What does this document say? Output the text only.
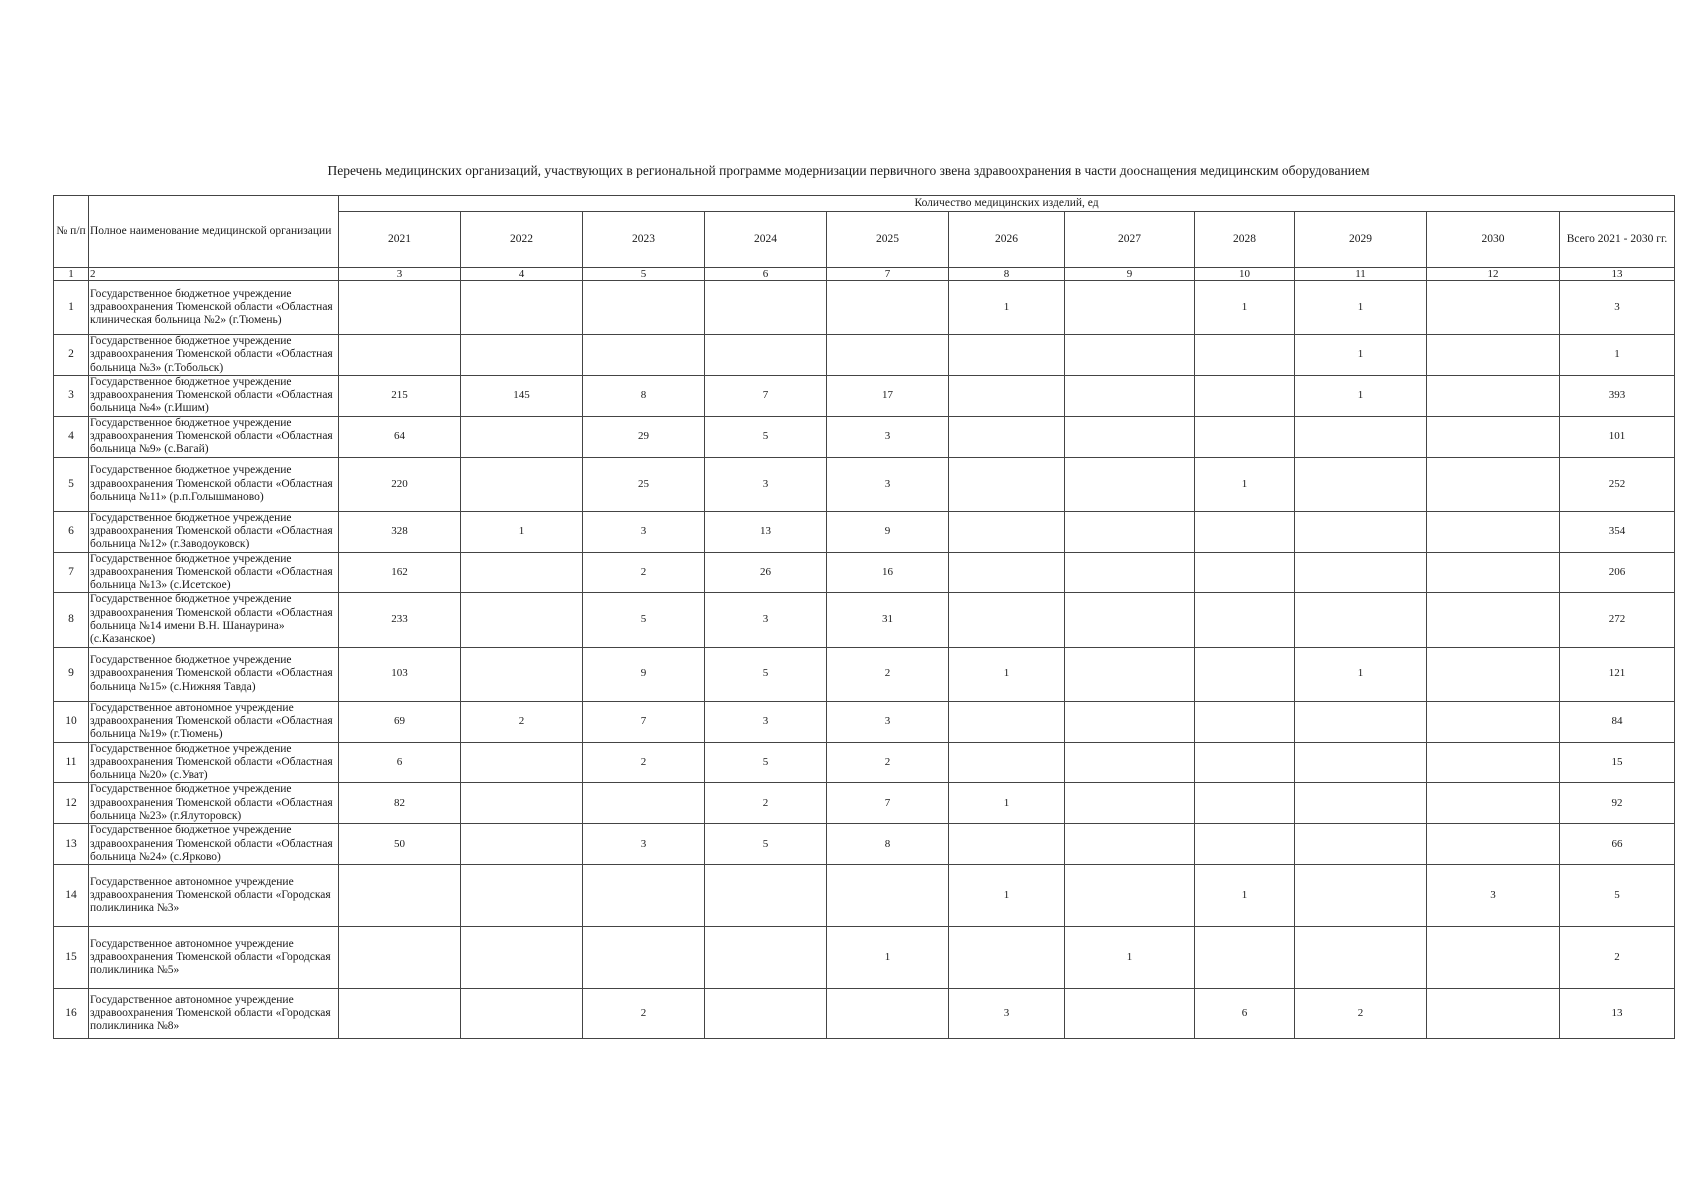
Перечень медицинских организаций, участвующих в региональной программе модернизации первичного звена здравоохранения в части дооснащения медицинским оборудованием
№ п/п	Полное наименование медицинской организации	Количество медицинских изделий, ед										
		2021	2022	2023	2024	2025	2026	2027	2028	2029	2030	Всего 2021 - 2030 гг.
1	2	3	4	5	6	7	8	9	10	11	12	13
1	Государственное бюджетное учреждение здравоохранения Тюменской области «Областная клиническая больница №2» (г.Тюмень)						1		1	1		3
2	Государственное бюджетное учреждение здравоохранения Тюменской области «Областная больница №3» (г.Тобольск)									1		1
3	Государственное бюджетное учреждение здравоохранения Тюменской области «Областная больница №4» (г.Ишим)	215	145	8	7	17				1		393
4	Государственное бюджетное учреждение здравоохранения Тюменской области «Областная больница №9» (с.Вагай)	64		29	5	3						101
5	Государственное бюджетное учреждение здравоохранения Тюменской области «Областная больница №11» (р.п.Голышманово)	220		25	3	3			1			252
6	Государственное бюджетное учреждение здравоохранения Тюменской области «Областная больница №12» (г.Заводоуковск)	328	1	3	13	9						354
7	Государственное бюджетное учреждение здравоохранения Тюменской области «Областная больница №13» (с.Исетское)	162		2	26	16						206
8	Государственное бюджетное учреждение здравоохранения Тюменской области «Областная больница №14 имени В.Н. Шанаурина» (с.Казанское)	233		5	3	31						272
9	Государственное бюджетное учреждение здравоохранения Тюменской области «Областная больница №15» (с.Нижняя Тавда)	103		9	5	2	1			1		121
10	Государственное автономное учреждение здравоохранения Тюменской области «Областная больница №19» (г.Тюмень)	69	2	7	3	3						84
11	Государственное бюджетное учреждение здравоохранения Тюменской области «Областная больница №20» (с.Уват)	6		2	5	2						15
12	Государственное бюджетное учреждение здравоохранения Тюменской области «Областная больница №23» (г.Ялуторовск)	82			2	7	1					92
13	Государственное бюджетное учреждение здравоохранения Тюменской области «Областная больница №24» (с.Ярково)	50		3	5	8						66
14	Государственное автономное учреждение здравоохранения Тюменской области «Городская поликлиника №3»						1		1		3	5
15	Государственное автономное учреждение здравоохранения Тюменской области «Городская поликлиника №5»					1		1				2
16	Государственное автономное учреждение здравоохранения Тюменской области «Городская поликлиника №8»			2			3		6	2		13
